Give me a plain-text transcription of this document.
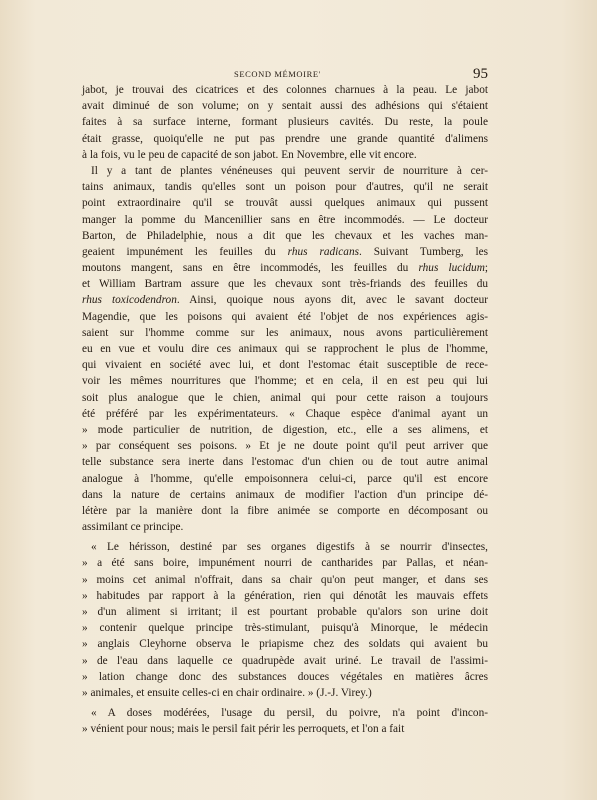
SECOND MÉMOIRE'	95
jabot, je trouvai des cicatrices et des colonnes charnues à la peau. Le jabot
avait diminué de son volume; on y sentait aussi des adhésions qui s'étaient
faites à sa surface interne, formant plusieurs cavités. Du reste, la poule
était grasse, quoiqu'elle ne put pas prendre une grande quantité d'alimens
à la fois, vu le peu de capacité de son jabot. En Novembre, elle vit encore.
Il y a tant de plantes vénéneuses qui peuvent servir de nourriture à cer-
tains animaux, tandis qu'elles sont un poison pour d'autres, qu'il ne serait
point extraordinaire qu'il se trouvât aussi quelques animaux qui pussent
manger la pomme du Mancenillier sans en être incommodés. — Le docteur
Barton, de Philadelphie, nous a dit que les chevaux et les vaches man-
geaient impunément les feuilles du rhus radicans. Suivant Tumberg, les
moutons mangent, sans en être incommodés, les feuilles du rhus lucidum;
et William Bartram assure que les chevaux sont très-friands des feuilles du
rhus toxicodendron. Ainsi, quoique nous ayons dit, avec le savant docteur
Magendie, que les poisons qui avaient été l'objet de nos expériences agis-
saient sur l'homme comme sur les animaux, nous avons particulièrement
eu en vue et voulu dire ces animaux qui se rapprochent le plus de l'homme,
qui vivaient en société avec lui, et dont l'estomac était susceptible de rece-
voir les mêmes nourritures que l'homme; et en cela, il en est peu qui lui
soit plus analogue que le chien, animal qui pour cette raison a toujours
été préféré par les expérimentateurs. « Chaque espèce d'animal ayant un
» mode particulier de nutrition, de digestion, etc., elle a ses alimens, et
» par conséquent ses poisons. » Et je ne doute point qu'il peut arriver que
telle substance sera inerte dans l'estomac d'un chien ou de tout autre animal
analogue à l'homme, qu'elle empoisonnera celui-ci, parce qu'il est encore
dans la nature de certains animaux de modifier l'action d'un principe dé-
létère par la manière dont la fibre animée se comporte en décomposant ou
assimilant ce principe.
« Le hérisson, destiné par ses organes digestifs à se nourrir d'insectes,
» a été sans boire, impunément nourri de cantharides par Pallas, et néan-
» moins cet animal n'offrait, dans sa chair qu'on peut manger, et dans ses
» habitudes par rapport à la génération, rien qui dénotât les mauvais effets
» d'un aliment si irritant; il est pourtant probable qu'alors son urine doit
» contenir quelque principe très-stimulant, puisqu'à Minorque, le médecin
» anglais Cleyhorne observa le priapisme chez des soldats qui avaient bu
» de l'eau dans laquelle ce quadrupède avait uriné. Le travail de l'assimi-
» lation change donc des substances douces végétales en matières âcres
» animales, et ensuite celles-ci en chair ordinaire. » (J.-J. Virey.)
« A doses modérées, l'usage du persil, du poivre, n'a point d'incon-
» vénient pour nous; mais le persil fait périr les perroquets, et l'on a fait
